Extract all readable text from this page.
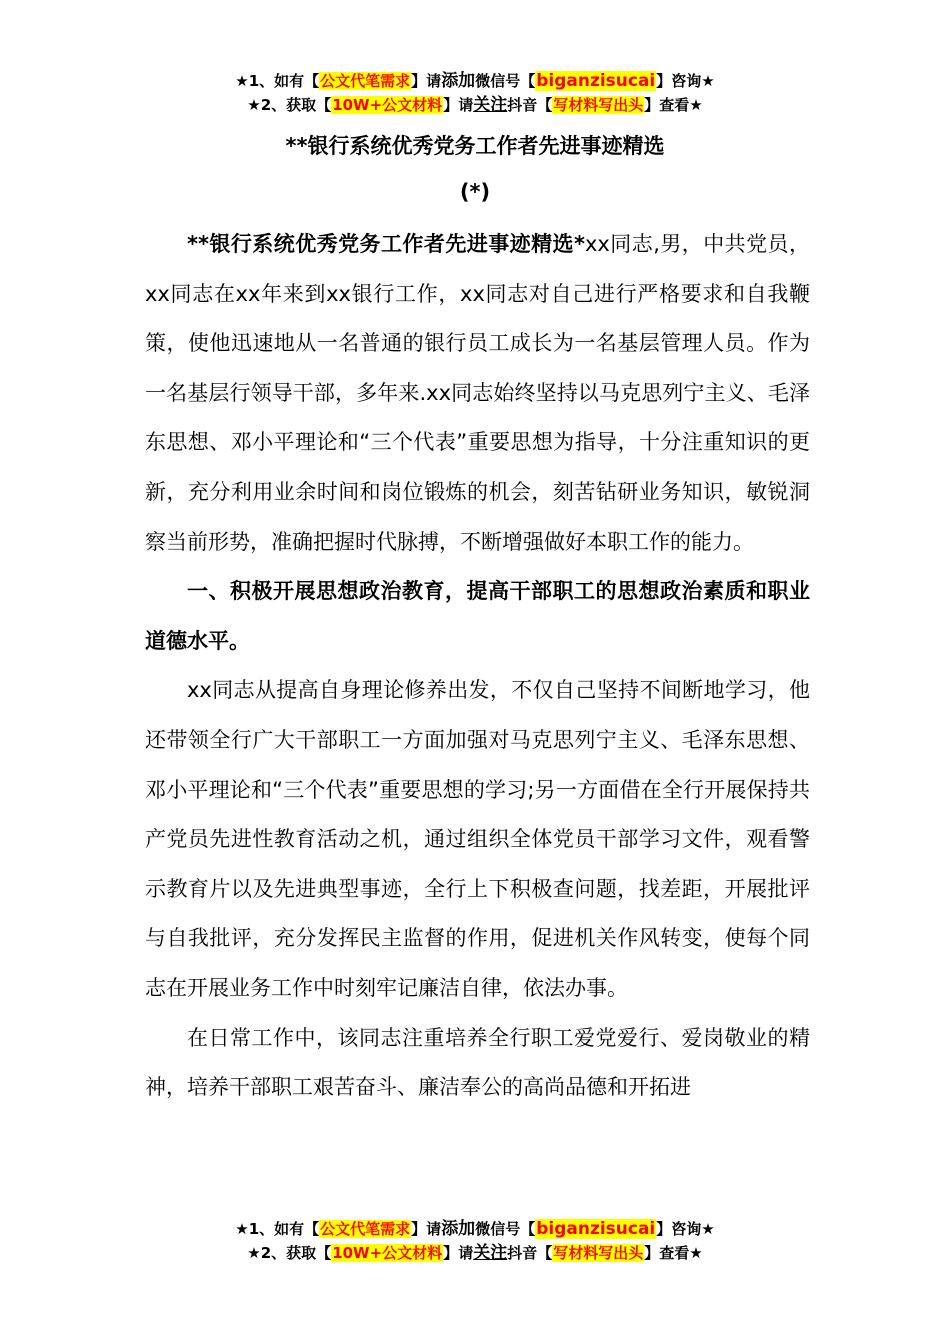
★1、如有【公文代笔需求】请添加微信号【biganzisucai】咨询★
★2、获取【10W+公文材料】请关注抖音【写材料写出头】查看★
**银行系统优秀党务工作者先进事迹精选
(*)

**银行系统优秀党务工作者先进事迹精选*xx同志,男，中共党员，xx同志在xx年来到xx银行工作，xx同志对自己进行严格要求和自我鞭策，使他迅速地从一名普通的银行员工成长为一名基层管理人员。作为一名基层行领导干部，多年来.xx同志始终坚持以马克思列宁主义、毛泽东思想、邓小平理论和“三个代表”重要思想为指导，十分注重知识的更新，充分利用业余时间和岗位锻炼的机会，刻苦钻研业务知识，敏锐洞察当前形势，准确把握时代脉搏，不断增强做好本职工作的能力。

一、积极开展思想政治教育，提高干部职工的思想政治素质和职业道德水平。

xx同志从提高自身理论修养出发，不仅自己坚持不间断地学习，他还带领全行广大干部职工一方面加强对马克思列宁主义、毛泽东思想、邓小平理论和“三个代表”重要思想的学习;另一方面借在全行开展保持共产党员先进性教育活动之机，通过组织全体党员干部学习文件，观看警示教育片以及先进典型事迹，全行上下积极查问题，找差距，开展批评与自我批评，充分发挥民主监督的作用，促进机关作风转变，使每个同志在开展业务工作中时刻牢记廉洁自律，依法办事。

在日常工作中，该同志注重培养全行职工爱党爱行、爱岗敬业的精神，培养干部职工艰苦奋斗、廉洁奉公的高尚品德和开拓进

★1、如有【公文代笔需求】请添加微信号【biganzisucai】咨询★
★2、获取【10W+公文材料】请关注抖音【写材料写出头】查看★
